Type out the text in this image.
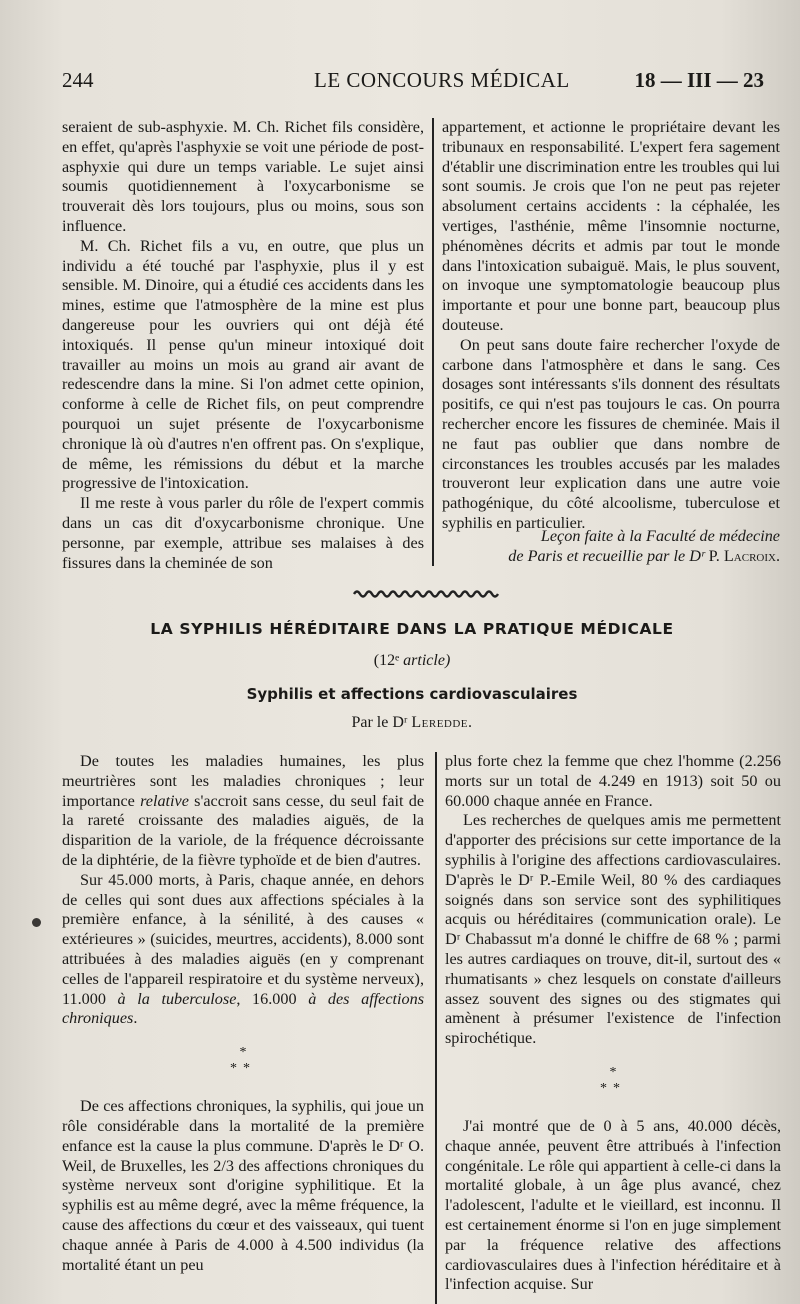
244	LE CONCOURS MÉDICAL	18 — III — 23

seraient de sub-asphyxie. M. Ch. Richet fils considère, en effet, qu'après l'asphyxie se voit une période de post-asphyxie qui dure un temps variable. Le sujet ainsi soumis quotidiennement à l'oxycarbonisme se trouverait dès lors toujours, plus ou moins, sous son influence.

M. Ch. Richet fils a vu, en outre, que plus un individu a été touché par l'asphyxie, plus il y est sensible. M. Dinoire, qui a étudié ces accidents dans les mines, estime que l'atmosphère de la mine est plus dangereuse pour les ouvriers qui ont déjà été intoxiqués. Il pense qu'un mineur intoxiqué doit travailler au moins un mois au grand air avant de redescendre dans la mine. Si l'on admet cette opinion, conforme à celle de Richet fils, on peut comprendre pourquoi un sujet présente de l'oxycarbonisme chronique là où d'autres n'en offrent pas. On s'explique, de même, les rémissions du début et la marche progressive de l'intoxication.

Il me reste à vous parler du rôle de l'expert commis dans un cas dit d'oxycarbonisme chronique. Une personne, par exemple, attribue ses malaises à des fissures dans la cheminée de son

appartement, et actionne le propriétaire devant les tribunaux en responsabilité. L'expert fera sagement d'établir une discrimination entre les troubles qui lui sont soumis. Je crois que l'on ne peut pas rejeter absolument certains accidents : la céphalée, les vertiges, l'asthénie, même l'insomnie nocturne, phénomènes décrits et admis par tout le monde dans l'intoxication subaiguë. Mais, le plus souvent, on invoque une symptomatologie beaucoup plus importante et pour une bonne part, beaucoup plus douteuse.

On peut sans doute faire rechercher l'oxyde de carbone dans l'atmosphère et dans le sang. Ces dosages sont intéressants s'ils donnent des résultats positifs, ce qui n'est pas toujours le cas. On pourra rechercher encore les fissures de cheminée. Mais il ne faut pas oublier que dans nombre de circonstances les troubles accusés par les malades trouveront leur explication dans une autre voie pathogénique, du côté alcoolisme, tuberculose et syphilis en particulier.

Leçon faite à la Faculté de médecine
de Paris et recueillie par le Dʳ P. Lacroix.
LA SYPHILIS HÉRÉDITAIRE DANS LA PRATIQUE MÉDICALE
(12ᵉ article)
Syphilis et affections cardiovasculaires
Par le Dʳ Leredde.

De toutes les maladies humaines, les plus meurtrières sont les maladies chroniques ; leur importance relative s'accroit sans cesse, du seul fait de la rareté croissante des maladies aiguës, de la disparition de la variole, de la fréquence décroissante de la diphtérie, de la fièvre typhoïde et de bien d'autres.

Sur 45.000 morts, à Paris, chaque année, en dehors de celles qui sont dues aux affections spéciales à la première enfance, à la sénilité, à des causes « extérieures » (suicides, meurtres, accidents), 8.000 sont attribuées à des maladies aiguës (en y comprenant celles de l'appareil respiratoire et du système nerveux), 11.000 à la tuberculose, 16.000 à des affections chroniques.

*
**

De ces affections chroniques, la syphilis, qui joue un rôle considérable dans la mortalité de la première enfance est la cause la plus commune. D'après le Dʳ O. Weil, de Bruxelles, les 2/3 des affections chroniques du système nerveux sont d'origine syphilitique. Et la syphilis est au même degré, avec la même fréquence, la cause des affections du cœur et des vaisseaux, qui tuent chaque année à Paris de 4.000 à 4.500 individus (la mortalité étant un peu

plus forte chez la femme que chez l'homme (2.256 morts sur un total de 4.249 en 1913) soit 50 ou 60.000 chaque année en France.

Les recherches de quelques amis me permettent d'apporter des précisions sur cette importance de la syphilis à l'origine des affections cardiovasculaires. D'après le Dʳ P.-Emile Weil, 80 % des cardiaques soignés dans son service sont des syphilitiques acquis ou héréditaires (communication orale). Le Dʳ Chabassut m'a donné le chiffre de 68 % ; parmi les autres cardiaques on trouve, dit-il, surtout des « rhumatisants » chez lesquels on constate d'ailleurs assez souvent des signes ou des stigmates qui amènent à présumer l'existence de l'infection spirochétique.

*
**

J'ai montré que de 0 à 5 ans, 40.000 décès, chaque année, peuvent être attribués à l'infection congénitale. Le rôle qui appartient à celle-ci dans la mortalité globale, à un âge plus avancé, chez l'adolescent, l'adulte et le vieillard, est inconnu. Il est certainement énorme si l'on en juge simplement par la fréquence relative des affections cardiovasculaires dues à l'infection héréditaire et à l'infection acquise. Sur
